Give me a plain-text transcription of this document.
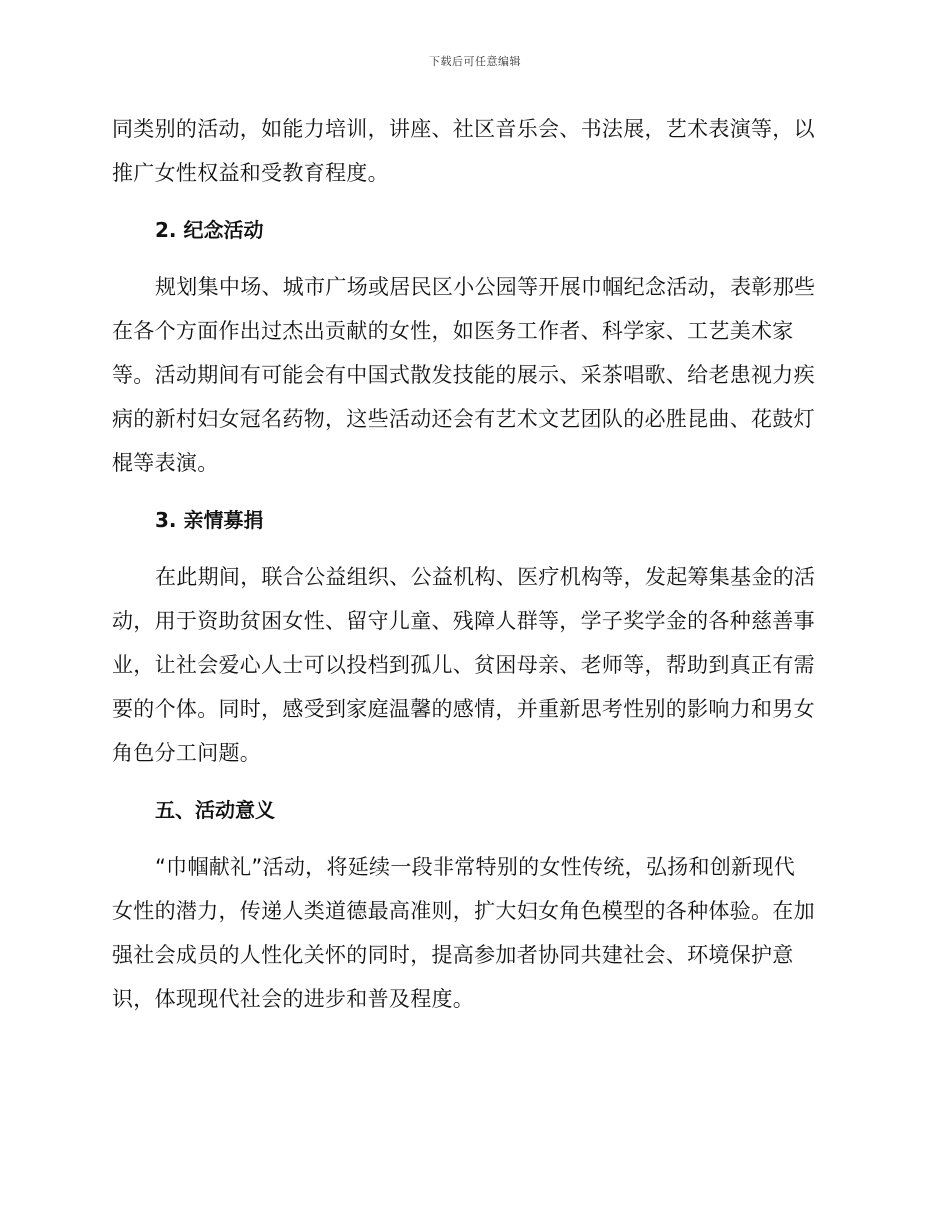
下载后可任意编辑
同类别的活动，如能力培训，讲座、社区音乐会、书法展，艺术表演等，以
推广女性权益和受教育程度。
2. 纪念活动
规划集中场、城市广场或居民区小公园等开展巾帼纪念活动，表彰那些
在各个方面作出过杰出贡献的女性，如医务工作者、科学家、工艺美术家
等。活动期间有可能会有中国式散发技能的展示、采茶唱歌、给老患视力疾
病的新村妇女冠名药物，这些活动还会有艺术文艺团队的必胜昆曲、花鼓灯
棍等表演。
3. 亲情募捐
在此期间，联合公益组织、公益机构、医疗机构等，发起筹集基金的活
动，用于资助贫困女性、留守儿童、残障人群等，学子奖学金的各种慈善事
业，让社会爱心人士可以投档到孤儿、贫困母亲、老师等，帮助到真正有需
要的个体。同时，感受到家庭温馨的感情，并重新思考性别的影响力和男女
角色分工问题。
五、活动意义
“巾帼献礼”活动，将延续一段非常特别的女性传统，弘扬和创新现代
女性的潜力，传递人类道德最高准则，扩大妇女角色模型的各种体验。在加
强社会成员的人性化关怀的同时，提高参加者协同共建社会、环境保护意
识，体现现代社会的进步和普及程度。
